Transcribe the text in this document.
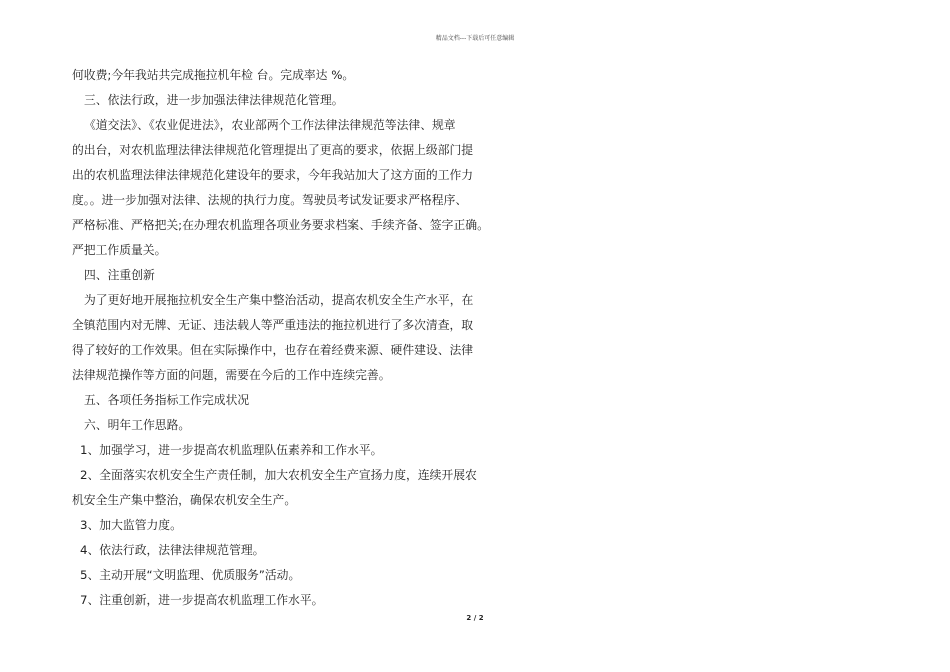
精品文档---下载后可任意编辑
何收费;今年我站共完成拖拉机年检 台。完成率达 %。
三、依法行政，进一步加强法律法律规范化管理。
《道交法》、《农业促进法》，农业部两个工作法律法律规范等法律、规章
的出台，对农机监理法律法律规范化管理提出了更高的要求，依据上级部门提
出的农机监理法律法律规范化建设年的要求，今年我站加大了这方面的工作力
度。。进一步加强对法律、法规的执行力度。驾驶员考试发证要求严格程序、
严格标准、严格把关;在办理农机监理各项业务要求档案、手续齐备、签字正确。
严把工作质量关。
四、注重创新
为了更好地开展拖拉机安全生产集中整治活动，提高农机安全生产水平，在
全镇范围内对无牌、无证、违法载人等严重违法的拖拉机进行了多次清查，取
得了较好的工作效果。但在实际操作中，也存在着经费来源、硬件建设、法律
法律规范操作等方面的问题，需要在今后的工作中连续完善。
五、各项任务指标工作完成状况
六、明年工作思路。
1、加强学习，进一步提高农机监理队伍素养和工作水平。
2、全面落实农机安全生产责任制，加大农机安全生产宣扬力度，连续开展农
机安全生产集中整治，确保农机安全生产。
3、加大监管力度。
4、依法行政，法律法律规范管理。
5、主动开展“文明监理、优质服务”活动。
7、注重创新，进一步提高农机监理工作水平。
2 / 2
